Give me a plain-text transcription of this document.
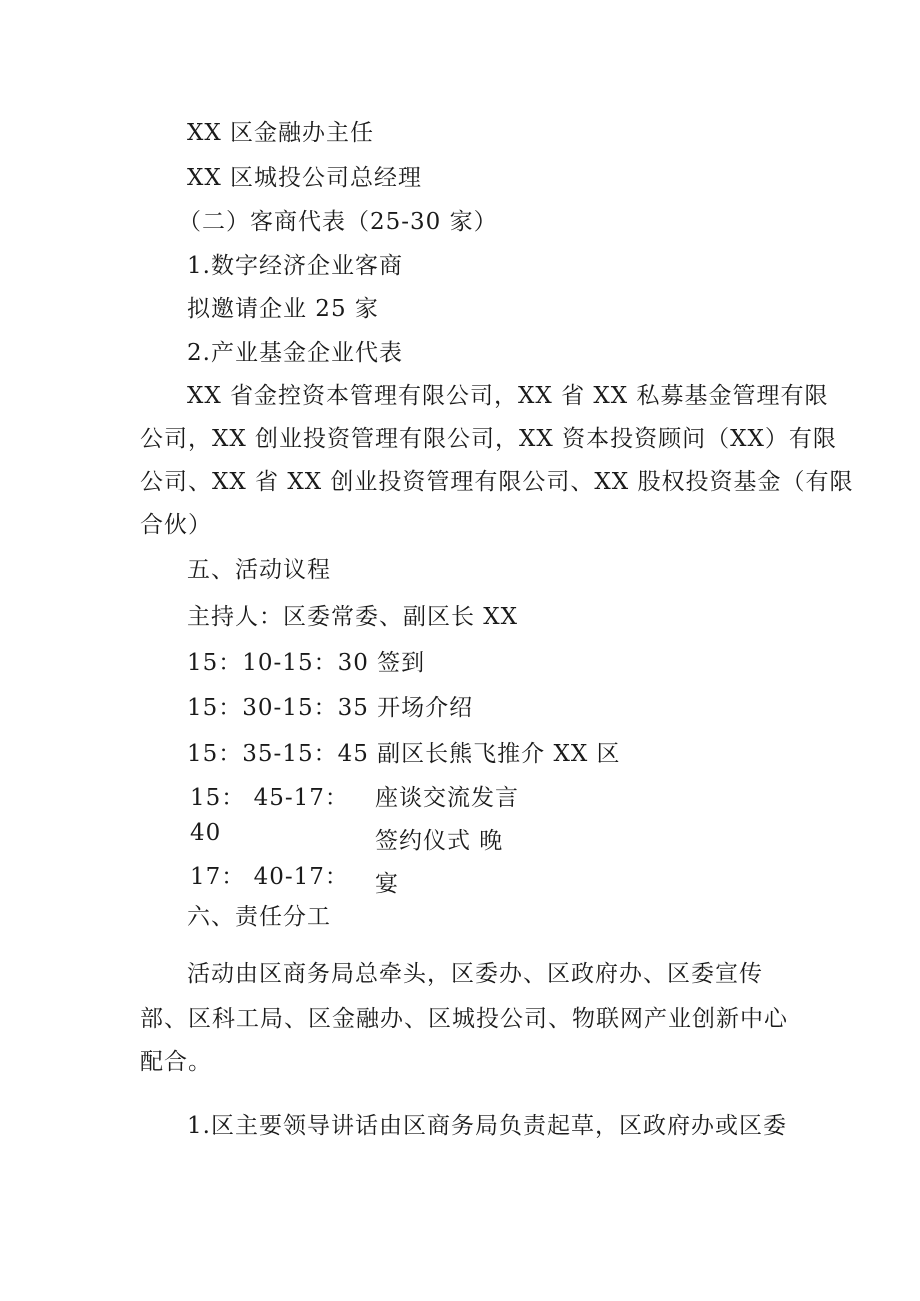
XX 区金融办主任
XX 区城投公司总经理
（二）客商代表（25-30 家）
1.数字经济企业客商
拟邀请企业 25 家
2.产业基金企业代表
XX 省金控资本管理有限公司，XX 省 XX 私募基金管理有限
公司，XX 创业投资管理有限公司，XX 资本投资顾问（XX）有限
公司、XX 省 XX 创业投资管理有限公司、XX 股权投资基金（有限
合伙）
五、活动议程
主持人：区委常委、副区长 XX
15：10-15：30 签到
15：30-15：35 开场介绍
15：35-15：45 副区长熊飞推介 XX 区
15： 45-17：
40
17： 40-17：
座谈交流发言
签约仪式 晚
宴
六、责任分工
活动由区商务局总牵头，区委办、区政府办、区委宣传
部、区科工局、区金融办、区城投公司、物联网产业创新中心
配合。
1.区主要领导讲话由区商务局负责起草，区政府办或区委
